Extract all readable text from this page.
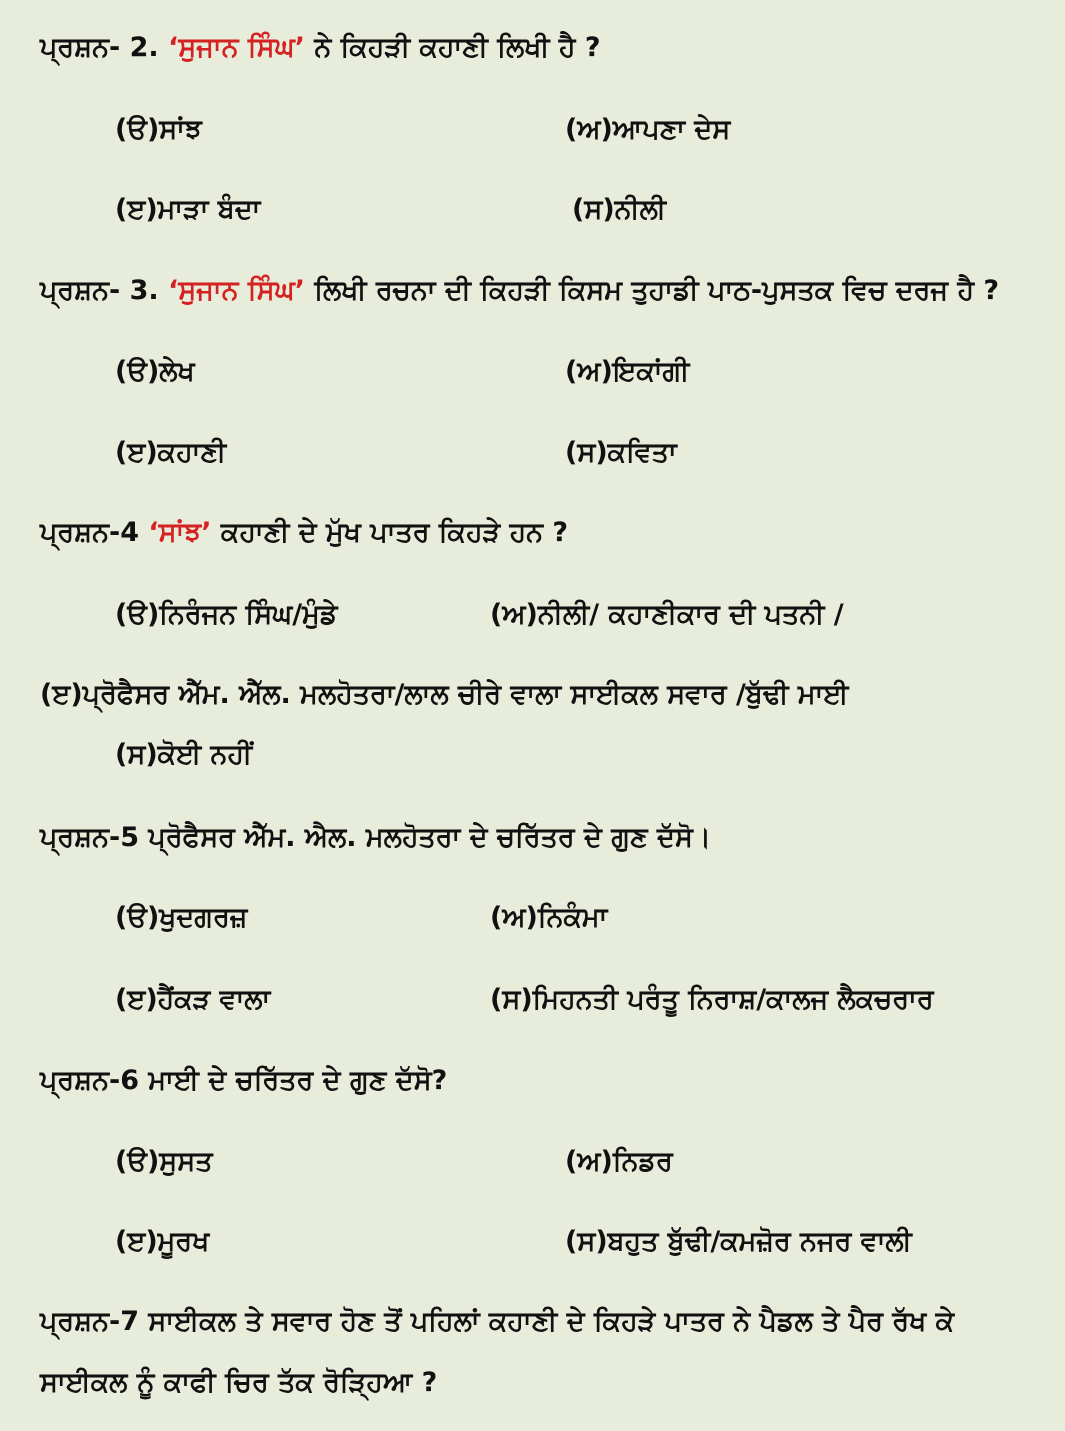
ਪ੍ਰਸ਼ਨ- 2. ‘ਸੁਜਾਨ ਸਿੰਘ’ ਨੇ ਕਿਹੜੀ ਕਹਾਣੀ ਲਿਖੀ ਹੈ ?
(ੳ)ਸਾਂਝ	(ਅ)ਆਪਣਾ ਦੇਸ
(ੲ)ਮਾੜਾ ਬੰਦਾ	(ਸ)ਨੀਲੀ
ਪ੍ਰਸ਼ਨ- 3. ‘ਸੁਜਾਨ ਸਿੰਘ’ ਲਿਖੀ ਰਚਨਾ ਦੀ ਕਿਹੜੀ ਕਿਸਮ ਤੁਹਾਡੀ ਪਾਠ-ਪੁਸਤਕ ਵਿਚ ਦਰਜ ਹੈ ?
(ੳ)ਲੇਖ	(ਅ)ਇਕਾਂਗੀ
(ੲ)ਕਹਾਣੀ	(ਸ)ਕਵਿਤਾ
ਪ੍ਰਸ਼ਨ-4 ‘ਸਾਂਝ’ ਕਹਾਣੀ ਦੇ ਮੁੱਖ ਪਾਤਰ ਕਿਹੜੇ ਹਨ ?
(ੳ)ਨਿਰੰਜਨ ਸਿੰਘ/ਮੁੰਡੇ	(ਅ)ਨੀਲੀ/ ਕਹਾਣੀਕਾਰ ਦੀ ਪਤਨੀ /
(ੲ)ਪ੍ਰੋਫੈਸਰ ਐੱਮ. ਐੱਲ. ਮਲਹੋਤਰਾ/ਲਾਲ ਚੀਰੇ ਵਾਲਾ ਸਾਈਕਲ ਸਵਾਰ /ਬੁੱਢੀ ਮਾਈ
(ਸ)ਕੋਈ ਨਹੀਂ
ਪ੍ਰਸ਼ਨ-5 ਪ੍ਰੋਫੈਸਰ ਐੱਮ. ਐਲ. ਮਲਹੋਤਰਾ ਦੇ ਚਰਿੱਤਰ ਦੇ ਗੁਣ ਦੱਸੋ।
(ੳ)ਖੁਦਗਰਜ਼	(ਅ)ਨਿਕੰਮਾ
(ੲ)ਹੈਂਕੜ ਵਾਲਾ	(ਸ)ਮਿਹਨਤੀ ਪਰੰਤੂ ਨਿਰਾਸ਼/ਕਾਲਜ ਲੈਕਚਰਾਰ
ਪ੍ਰਸ਼ਨ-6 ਮਾਈ ਦੇ ਚਰਿੱਤਰ ਦੇ ਗੁਣ ਦੱਸੋ?
(ੳ)ਸੁਸਤ	(ਅ)ਨਿਡਰ
(ੲ)ਮੂਰਖ	(ਸ)ਬਹੁਤ ਬੁੱਢੀ/ਕਮਜ਼ੋਰ ਨਜਰ ਵਾਲੀ
ਪ੍ਰਸ਼ਨ-7 ਸਾਈਕਲ ਤੇ ਸਵਾਰ ਹੋਣ ਤੋਂ ਪਹਿਲਾਂ ਕਹਾਣੀ ਦੇ ਕਿਹੜੇ ਪਾਤਰ ਨੇ ਪੈਡਲ ਤੇ ਪੈਰ ਰੱਖ ਕੇ
ਸਾਈਕਲ ਨੂੰ ਕਾਫੀ ਚਿਰ ਤੱਕ ਰੋੜ੍ਹਿਆ ?
